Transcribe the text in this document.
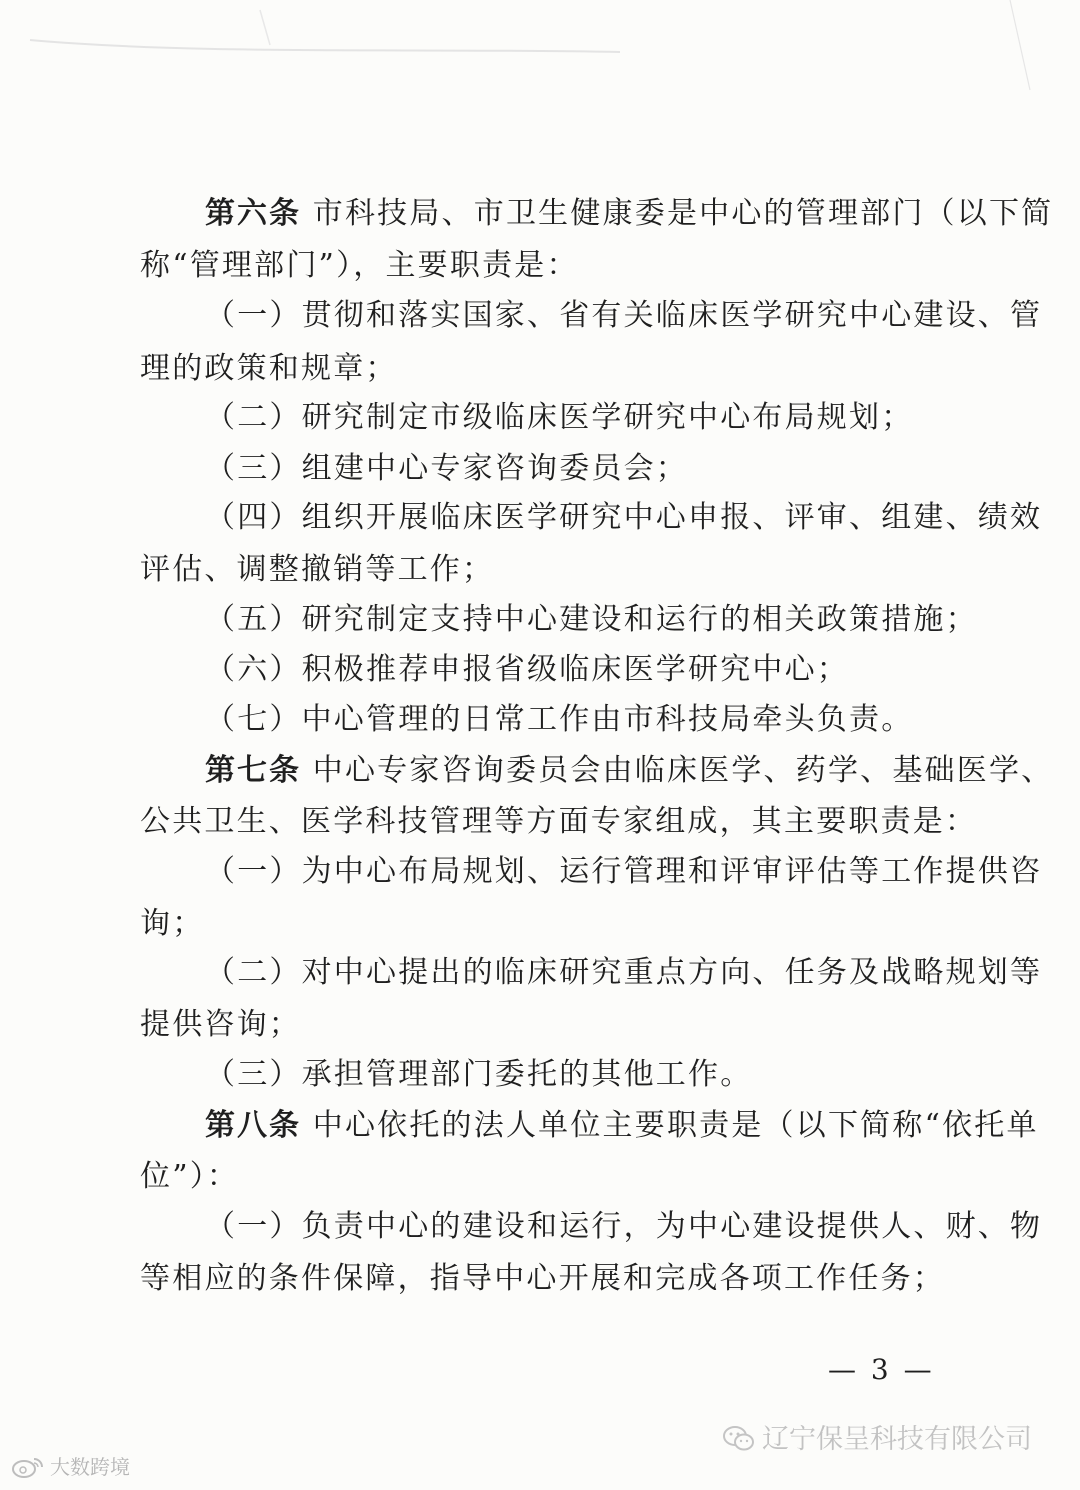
第六条 市科技局、市卫生健康委是中心的管理部门（以下简
称“管理部门”），主要职责是：
（一）贯彻和落实国家、省有关临床医学研究中心建设、管
理的政策和规章；
（二）研究制定市级临床医学研究中心布局规划；
（三）组建中心专家咨询委员会；
（四）组织开展临床医学研究中心申报、评审、组建、绩效
评估、调整撤销等工作；
（五）研究制定支持中心建设和运行的相关政策措施；
（六）积极推荐申报省级临床医学研究中心；
（七）中心管理的日常工作由市科技局牵头负责。
第七条 中心专家咨询委员会由临床医学、药学、基础医学、
公共卫生、医学科技管理等方面专家组成，其主要职责是：
（一）为中心布局规划、运行管理和评审评估等工作提供咨
询；
（二）对中心提出的临床研究重点方向、任务及战略规划等
提供咨询；
（三）承担管理部门委托的其他工作。
第八条 中心依托的法人单位主要职责是（以下简称“依托单
位”）：
（一）负责中心的建设和运行，为中心建设提供人、财、物
等相应的条件保障，指导中心开展和完成各项工作任务；
— 3 —
辽宁保呈科技有限公司
大数跨境
